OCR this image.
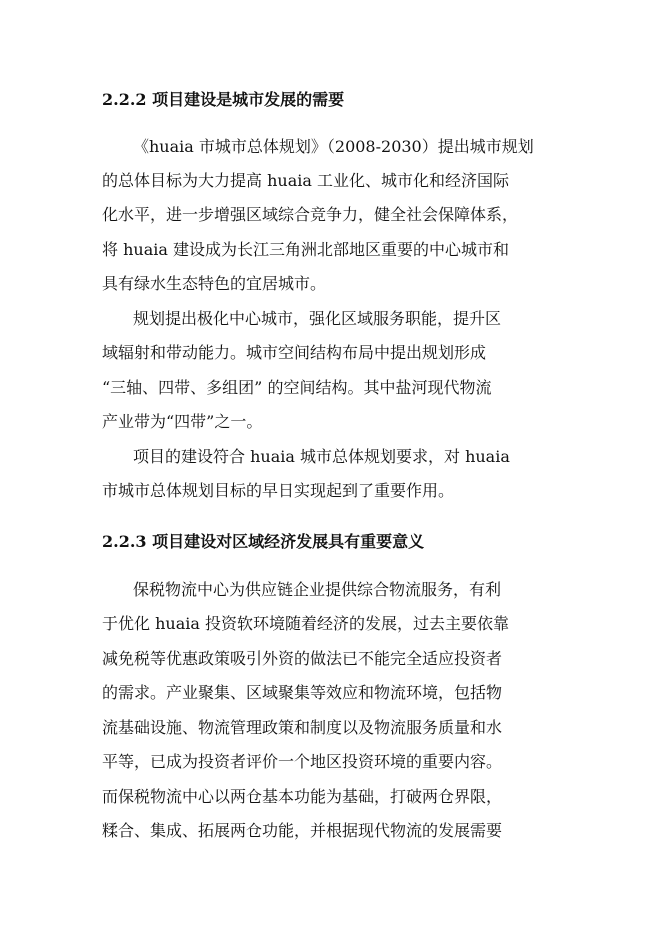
2.2.2 项目建设是城市发展的需要
《huaia 市城市总体规划》（2008-2030）提出城市规划
的总体目标为大力提高 huaia 工业化、城市化和经济国际
化水平，进一步增强区域综合竞争力，健全社会保障体系，
将 huaia 建设成为长江三角洲北部地区重要的中心城市和
具有绿水生态特色的宜居城市。
规划提出极化中心城市，强化区域服务职能，提升区
域辐射和带动能力。城市空间结构布局中提出规划形成
“三轴、四带、多组团” 的空间结构。其中盐河现代物流
产业带为“四带”之一。
项目的建设符合 huaia 城市总体规划要求，对 huaia
市城市总体规划目标的早日实现起到了重要作用。
2.2.3 项目建设对区域经济发展具有重要意义
保税物流中心为供应链企业提供综合物流服务，有利
于优化 huaia 投资软环境随着经济的发展，过去主要依靠
减免税等优惠政策吸引外资的做法已不能完全适应投资者
的需求。产业聚集、区域聚集等效应和物流环境，包括物
流基础设施、物流管理政策和制度以及物流服务质量和水
平等，已成为投资者评价一个地区投资环境的重要内容。
而保税物流中心以两仓基本功能为基础，打破两仓界限，
糅合、集成、拓展两仓功能，并根据现代物流的发展需要
